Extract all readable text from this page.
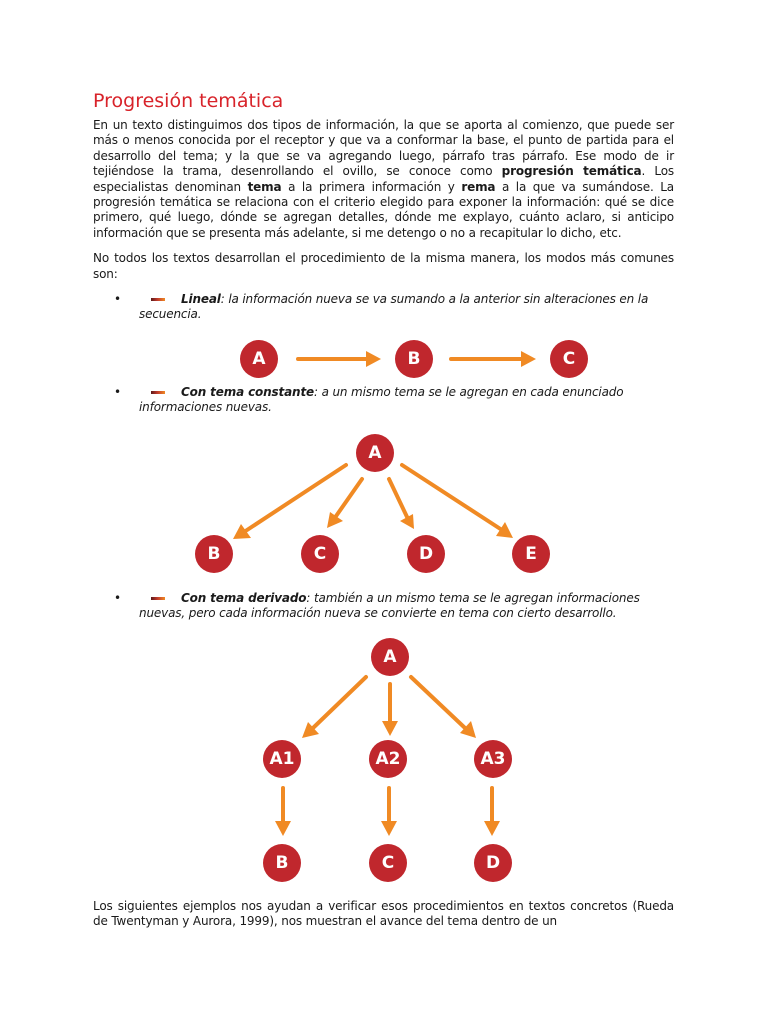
Progresión temática

En un texto distinguimos dos tipos de información, la que se aporta al comienzo, que puede ser más o menos conocida por el receptor y que va a conformar la base, el punto de partida para el desarrollo del tema; y la que se va agregando luego, párrafo tras párrafo. Ese modo de ir tejiéndose la trama, desenrollando el ovillo, se conoce como progresión temática. Los especialistas denominan tema a la primera información y rema a la que va sumándose. La progresión temática se relaciona con el criterio elegido para exponer la información: qué se dice primero, qué luego, dónde se agregan detalles, dónde me explayo, cuánto aclaro, si anticipo información que se presenta más adelante, si me detengo o no a recapitular lo dicho, etc.

No todos los textos desarrollan el procedimiento de la misma manera, los modos más comunes son:

•	Lineal: la información nueva se va sumando a la anterior sin alteraciones en la secuencia.
A	B	C
•	Con tema constante: a un mismo tema se le agregan en cada enunciado informaciones nuevas.
A
B	C	D	E
•	Con tema derivado: también a un mismo tema se le agregan informaciones nuevas, pero cada información nueva se convierte en tema con cierto desarrollo.
A
A1	A2	A3
B	C	D

Los siguientes ejemplos nos ayudan a verificar esos procedimientos en textos concretos (Rueda de Twentyman y Aurora, 1999), nos muestran el avance del tema dentro de un
